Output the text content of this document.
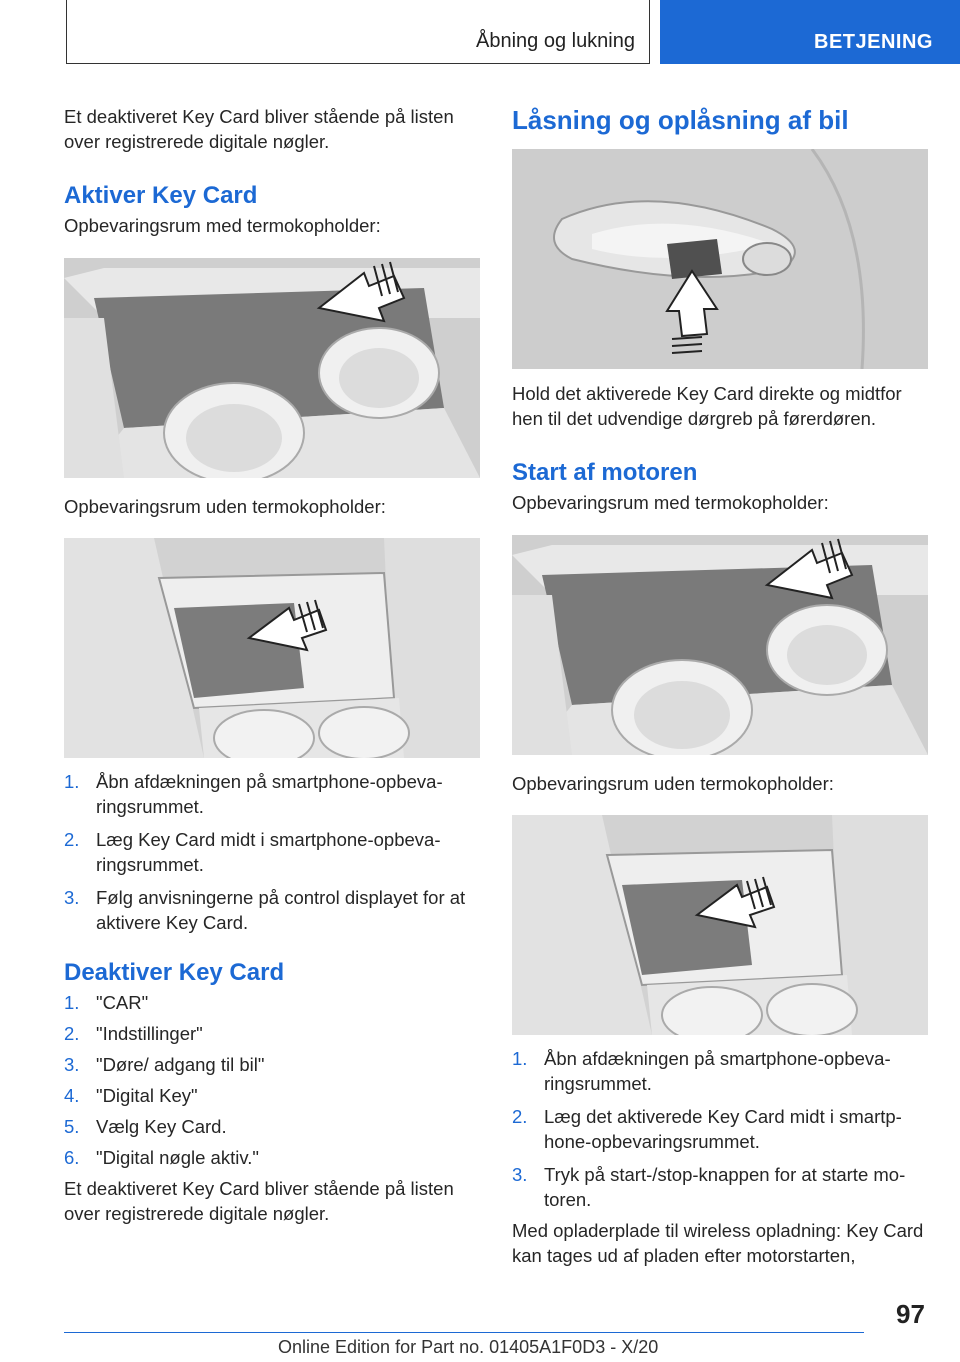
Åbning og lukning	BETJENING

Et deaktiveret Key Card bliver stående på listen over registrerede digitale nøgler.

Aktiver Key Card

Opbevaringsrum med termokopholder:

Opbevaringsrum uden termokopholder:

1. Åbn afdækningen på smartphone-opbevaringsrummet.
2. Læg Key Card midt i smartphone-opbevaringsrummet.
3. Følg anvisningerne på control displayet for at aktivere Key Card.
Deaktiver Key Card
1. "CAR"
2. "Indstillinger"
3. "Døre/ adgang til bil"
4. "Digital Key"
5. Vælg Key Card.
6. "Digital nøgle aktiv."

Et deaktiveret Key Card bliver stående på listen over registrerede digitale nøgler.

Låsning og oplåsning af bil

Hold det aktiverede Key Card direkte og midtfor hen til det udvendige dørgreb på førerdøren.

Start af motoren

Opbevaringsrum med termokopholder:

Opbevaringsrum uden termokopholder:

1. Åbn afdækningen på smartphone-opbevaringsrummet.
2. Læg det aktiverede Key Card midt i smartphone-opbevaringsrummet.
3. Tryk på start-/stop-knappen for at starte motoren.

Med opladerplade til wireless opladning: Key Card kan tages ud af pladen efter motorstarten,

97
Online Edition for Part no. 01405A1F0D3 - X/20
